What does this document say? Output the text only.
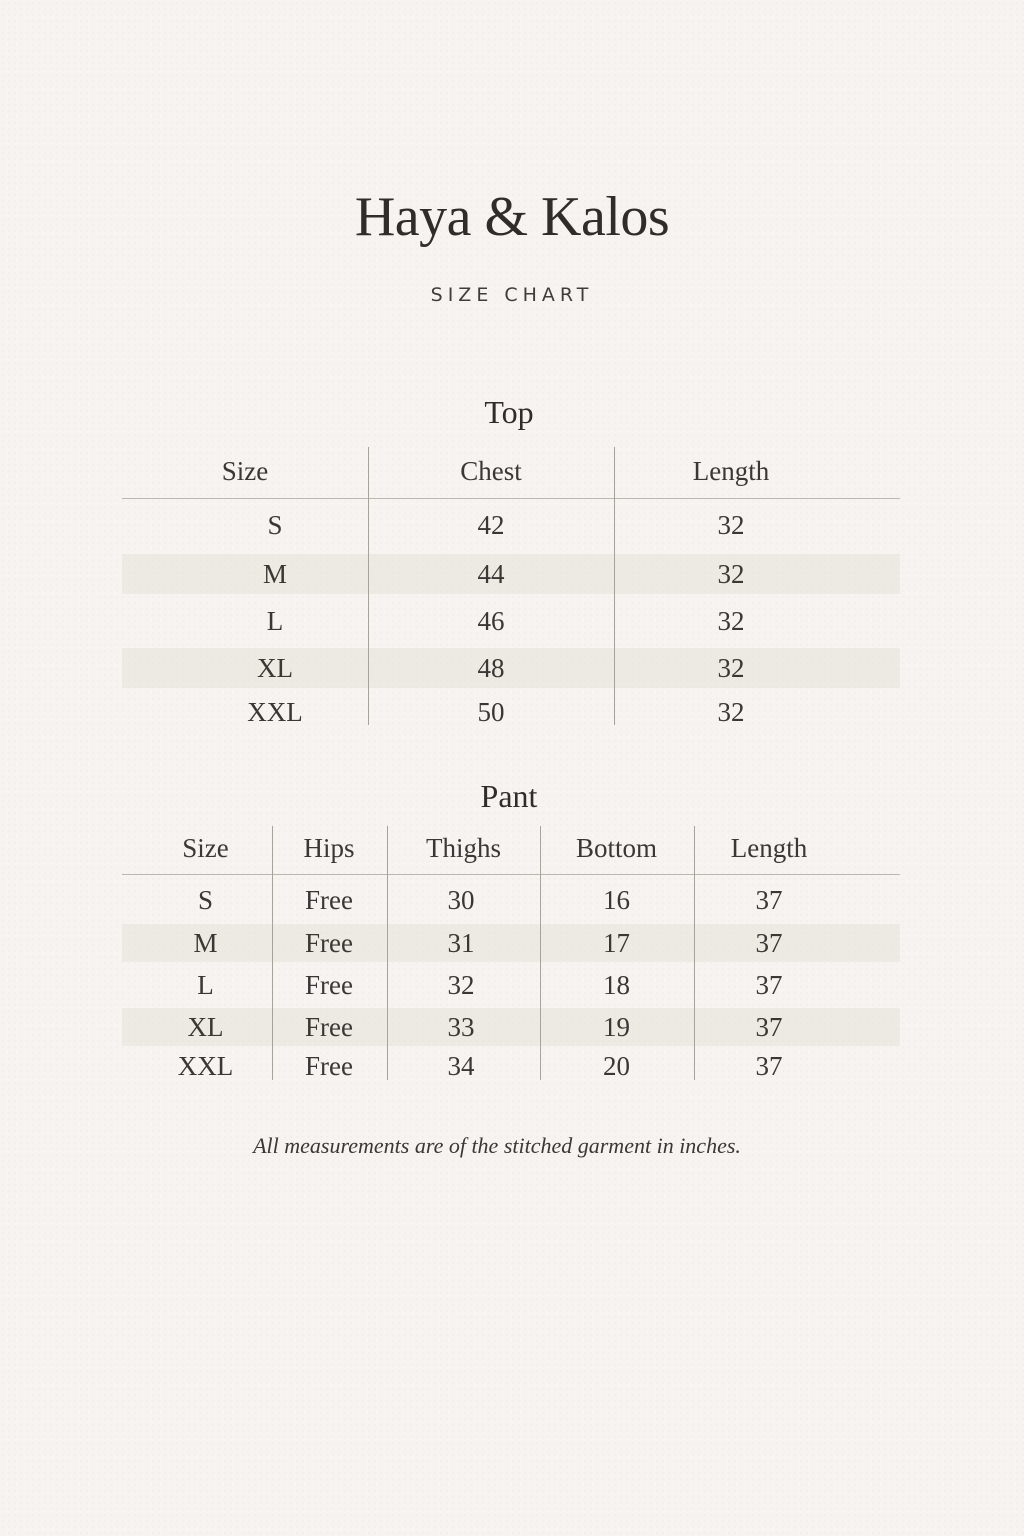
Haya & Kalos
SIZE CHART
Top
Size	Chest	Length
S	42	32
M	44	32
L	46	32
XL	48	32
XXL	50	32
Pant
Size	Hips	Thighs	Bottom	Length
S	Free	30	16	37
M	Free	31	17	37
L	Free	32	18	37
XL	Free	33	19	37
XXL	Free	34	20	37
All measurements are of the stitched garment in inches.
